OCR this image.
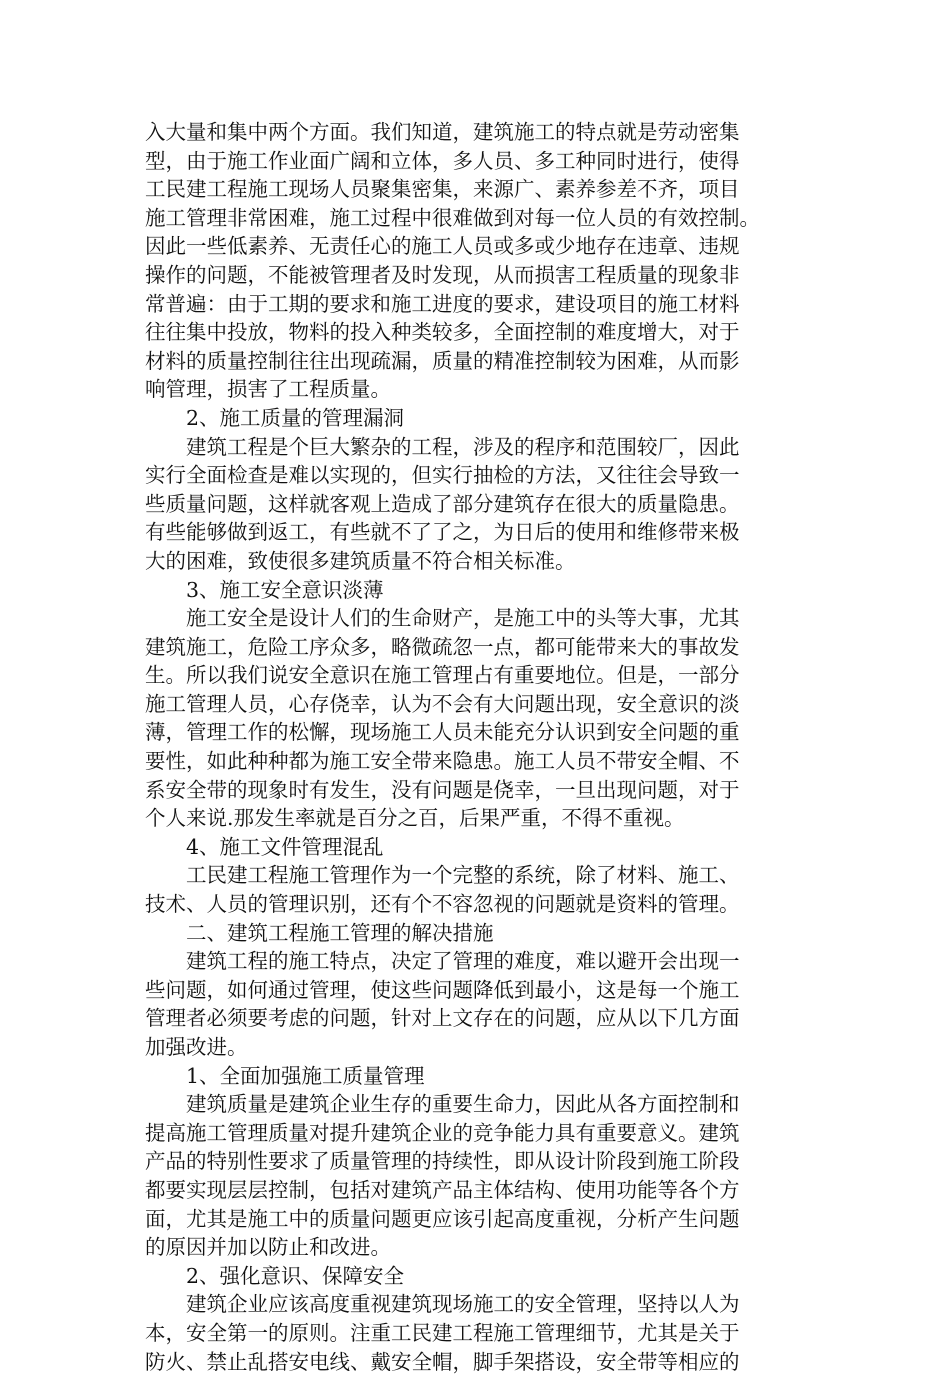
入大量和集中两个方面。我们知道，建筑施工的特点就是劳动密集
型，由于施工作业面广阔和立体，多人员、多工种同时进行，使得
工民建工程施工现场人员聚集密集，来源广、素养参差不齐，项目
施工管理非常困难，施工过程中很难做到对每一位人员的有效控制。
因此一些低素养、无责任心的施工人员或多或少地存在违章、违规
操作的问题，不能被管理者及时发现，从而损害工程质量的现象非
常普遍：由于工期的要求和施工进度的要求，建设项目的施工材料
往往集中投放，物料的投入种类较多，全面控制的难度增大，对于
材料的质量控制往往出现疏漏，质量的精准控制较为困难，从而影
响管理，损害了工程质量。
2、施工质量的管理漏洞
建筑工程是个巨大繁杂的工程，涉及的程序和范围较厂，因此
实行全面检查是难以实现的，但实行抽检的方法，又往往会导致一
些质量问题，这样就客观上造成了部分建筑存在很大的质量隐患。
有些能够做到返工，有些就不了了之，为日后的使用和维修带来极
大的困难，致使很多建筑质量不符合相关标准。
3、施工安全意识淡薄
施工安全是设计人们的生命财产，是施工中的头等大事，尤其
建筑施工，危险工序众多，略微疏忽一点，都可能带来大的事故发
生。所以我们说安全意识在施工管理占有重要地位。但是，一部分
施工管理人员，心存侥幸，认为不会有大问题出现，安全意识的淡
薄，管理工作的松懈，现场施工人员未能充分认识到安全问题的重
要性，如此种种都为施工安全带来隐患。施工人员不带安全帽、不
系安全带的现象时有发生，没有问题是侥幸，一旦出现问题，对于
个人来说.那发生率就是百分之百，后果严重，不得不重视。
4、施工文件管理混乱
工民建工程施工管理作为一个完整的系统，除了材料、施工、
技术、人员的管理识别，还有个不容忽视的问题就是资料的管理。
二、建筑工程施工管理的解决措施
建筑工程的施工特点，决定了管理的难度，难以避开会出现一
些问题，如何通过管理，使这些问题降低到最小，这是每一个施工
管理者必须要考虑的问题，针对上文存在的问题，应从以下几方面
加强改进。
1、全面加强施工质量管理
建筑质量是建筑企业生存的重要生命力，因此从各方面控制和
提高施工管理质量对提升建筑企业的竞争能力具有重要意义。建筑
产品的特别性要求了质量管理的持续性，即从设计阶段到施工阶段
都要实现层层控制，包括对建筑产品主体结构、使用功能等各个方
面，尤其是施工中的质量问题更应该引起高度重视，分析产生问题
的原因并加以防止和改进。
2、强化意识、保障安全
建筑企业应该高度重视建筑现场施工的安全管理，坚持以人为
本，安全第一的原则。注重工民建工程施工管理细节，尤其是关于
防火、禁止乱搭安电线、戴安全帽，脚手架搭设，安全带等相应的
